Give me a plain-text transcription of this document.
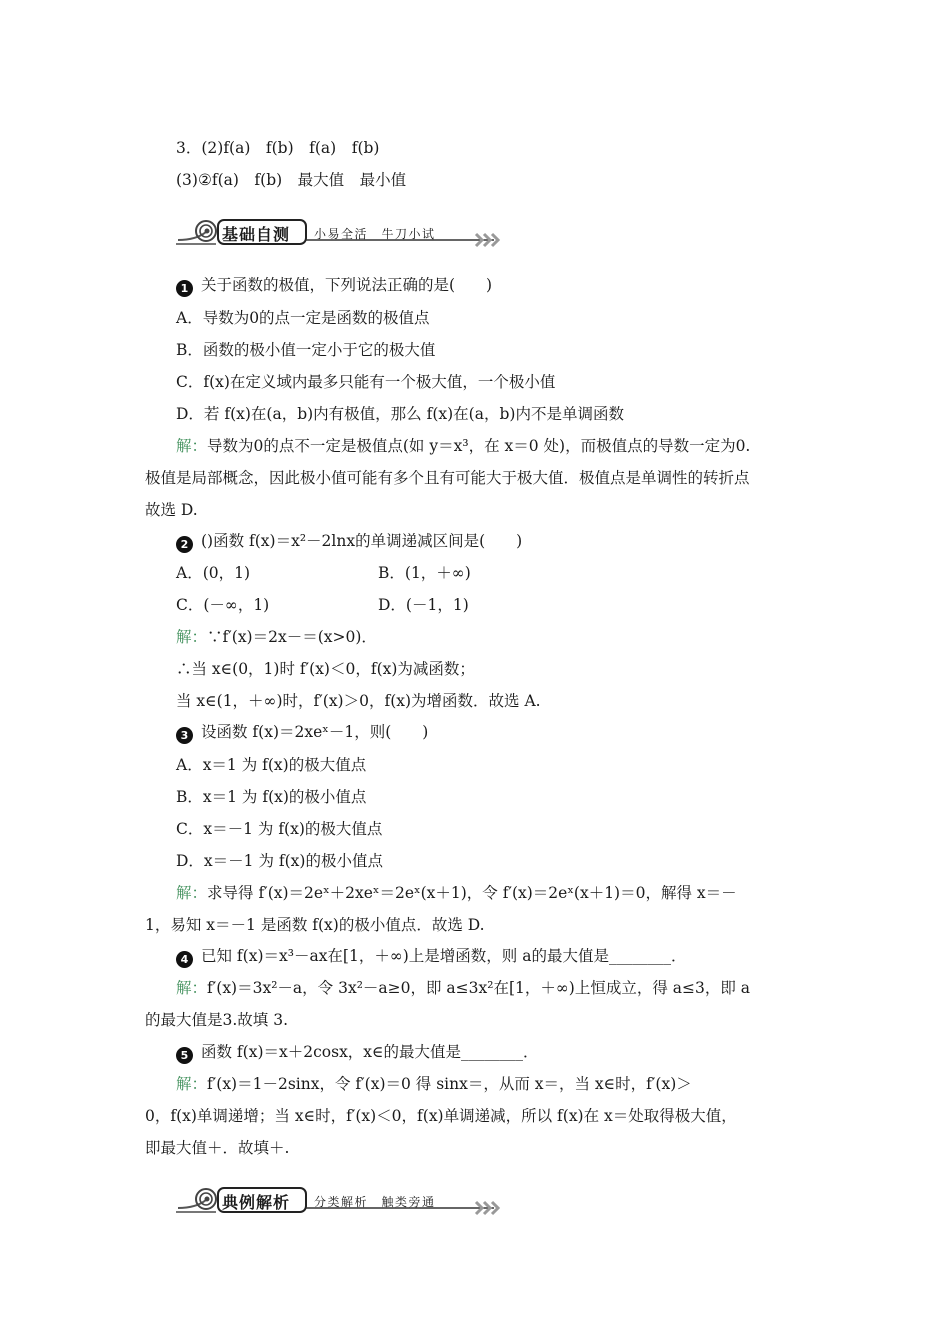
3．(2)f(a)　f(b)　f(a)　f(b)
(3)②f(a)　f(b)　最大值　最小值
基础自测 小易全活　牛刀小试
1 关于函数的极值，下列说法正确的是(　　)
A．导数为0的点一定是函数的极值点
B．函数的极小值一定小于它的极大值
C．f(x)在定义域内最多只能有一个极大值，一个极小值
D．若 f(x)在(a，b)内有极值，那么 f(x)在(a，b)内不是单调函数
解：导数为0的点不一定是极值点(如 y＝x³，在 x＝0 处)，而极值点的导数一定为0.
极值是局部概念，因此极小值可能有多个且有可能大于极大值．极值点是单调性的转折点
故选 D.
2 ()函数 f(x)＝x²－2lnx的单调递减区间是(　　)
A．(0，1)	B．(1，＋∞)
C．(－∞，1)	D．(－1，1)
解：∵f′(x)＝2x－＝(x>0)．
∴当 x∈(0，1)时 f′(x)＜0，f(x)为减函数；
当 x∈(1，＋∞)时，f′(x)＞0，f(x)为增函数．故选 A.
3 设函数 f(x)＝2xeˣ－1，则(　　)
A．x＝1 为 f(x)的极大值点
B．x＝1 为 f(x)的极小值点
C．x＝－1 为 f(x)的极大值点
D．x＝－1 为 f(x)的极小值点
解：求导得 f′(x)＝2eˣ＋2xeˣ＝2eˣ(x＋1)，令 f′(x)＝2eˣ(x＋1)＝0，解得 x＝－
1，易知 x＝－1 是函数 f(x)的极小值点．故选 D.
4 已知 f(x)＝x³－ax在[1，＋∞)上是增函数，则 a的最大值是________．
解：f′(x)＝3x²－a，令 3x²－a≥0，即 a≤3x²在[1，＋∞)上恒成立，得 a≤3，即 a
的最大值是3.故填 3.
5 函数 f(x)＝x＋2cosx，x∈的最大值是________．
解：f′(x)＝1－2sinx，令 f′(x)＝0 得 sinx＝，从而 x＝，当 x∈时，f′(x)＞
0，f(x)单调递增；当 x∈时，f′(x)＜0，f(x)单调递减，所以 f(x)在 x＝处取得极大值，
即最大值＋．故填＋.
典例解析 分类解析　触类旁通
